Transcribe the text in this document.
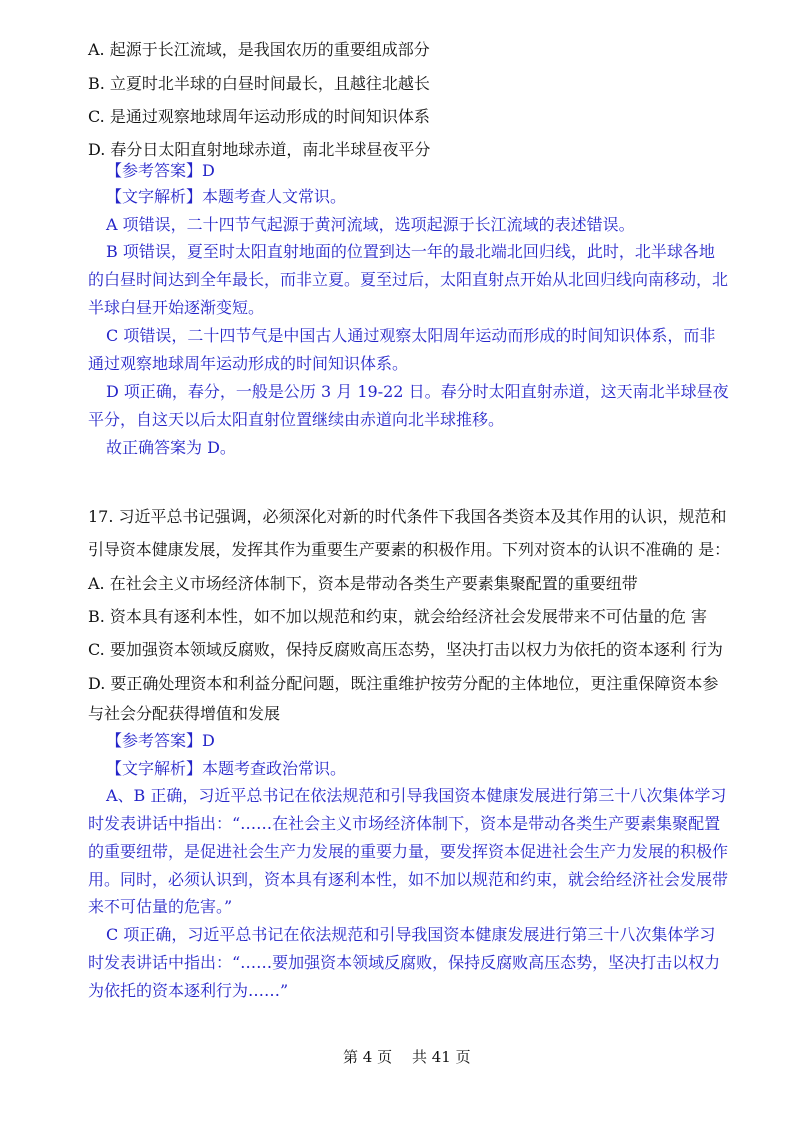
A. 起源于长江流域，是我国农历的重要组成部分
B. 立夏时北半球的白昼时间最长，且越往北越长
C. 是通过观察地球周年运动形成的时间知识体系
D. 春分日太阳直射地球赤道，南北半球昼夜平分
【参考答案】D
【文字解析】本题考查人文常识。
A 项错误，二十四节气起源于黄河流域，选项起源于长江流域的表述错误。
B 项错误，夏至时太阳直射地面的位置到达一年的最北端北回归线，此时，北半球各地
的白昼时间达到全年最长，而非立夏。夏至过后，太阳直射点开始从北回归线向南移动，北
半球白昼开始逐渐变短。
C 项错误，二十四节气是中国古人通过观察太阳周年运动而形成的时间知识体系，而非
通过观察地球周年运动形成的时间知识体系。
D 项正确，春分，一般是公历 3 月 19-22 日。春分时太阳直射赤道，这天南北半球昼夜
平分，自这天以后太阳直射位置继续由赤道向北半球推移。
故正确答案为 D。
17. 习近平总书记强调，必须深化对新的时代条件下我国各类资本及其作用的认识，规范和
引导资本健康发展，发挥其作为重要生产要素的积极作用。下列对资本的认识不准确的 是：
A. 在社会主义市场经济体制下，资本是带动各类生产要素集聚配置的重要纽带
B. 资本具有逐利本性，如不加以规范和约束，就会给经济社会发展带来不可估量的危 害
C. 要加强资本领域反腐败，保持反腐败高压态势，坚决打击以权力为依托的资本逐利 行为
D. 要正确处理资本和利益分配问题，既注重维护按劳分配的主体地位，更注重保障资本参
与社会分配获得增值和发展
【参考答案】D
【文字解析】本题考查政治常识。
A、B 正确，习近平总书记在依法规范和引导我国资本健康发展进行第三十八次集体学习
时发表讲话中指出：“……在社会主义市场经济体制下，资本是带动各类生产要素集聚配置
的重要纽带，是促进社会生产力发展的重要力量，要发挥资本促进社会生产力发展的积极作
用。同时，必须认识到，资本具有逐利本性，如不加以规范和约束，就会给经济社会发展带
来不可估量的危害。”
C 项正确，习近平总书记在依法规范和引导我国资本健康发展进行第三十八次集体学习
时发表讲话中指出：“……要加强资本领域反腐败，保持反腐败高压态势，坚决打击以权力
为依托的资本逐利行为……”
第 4 页 共 41 页
